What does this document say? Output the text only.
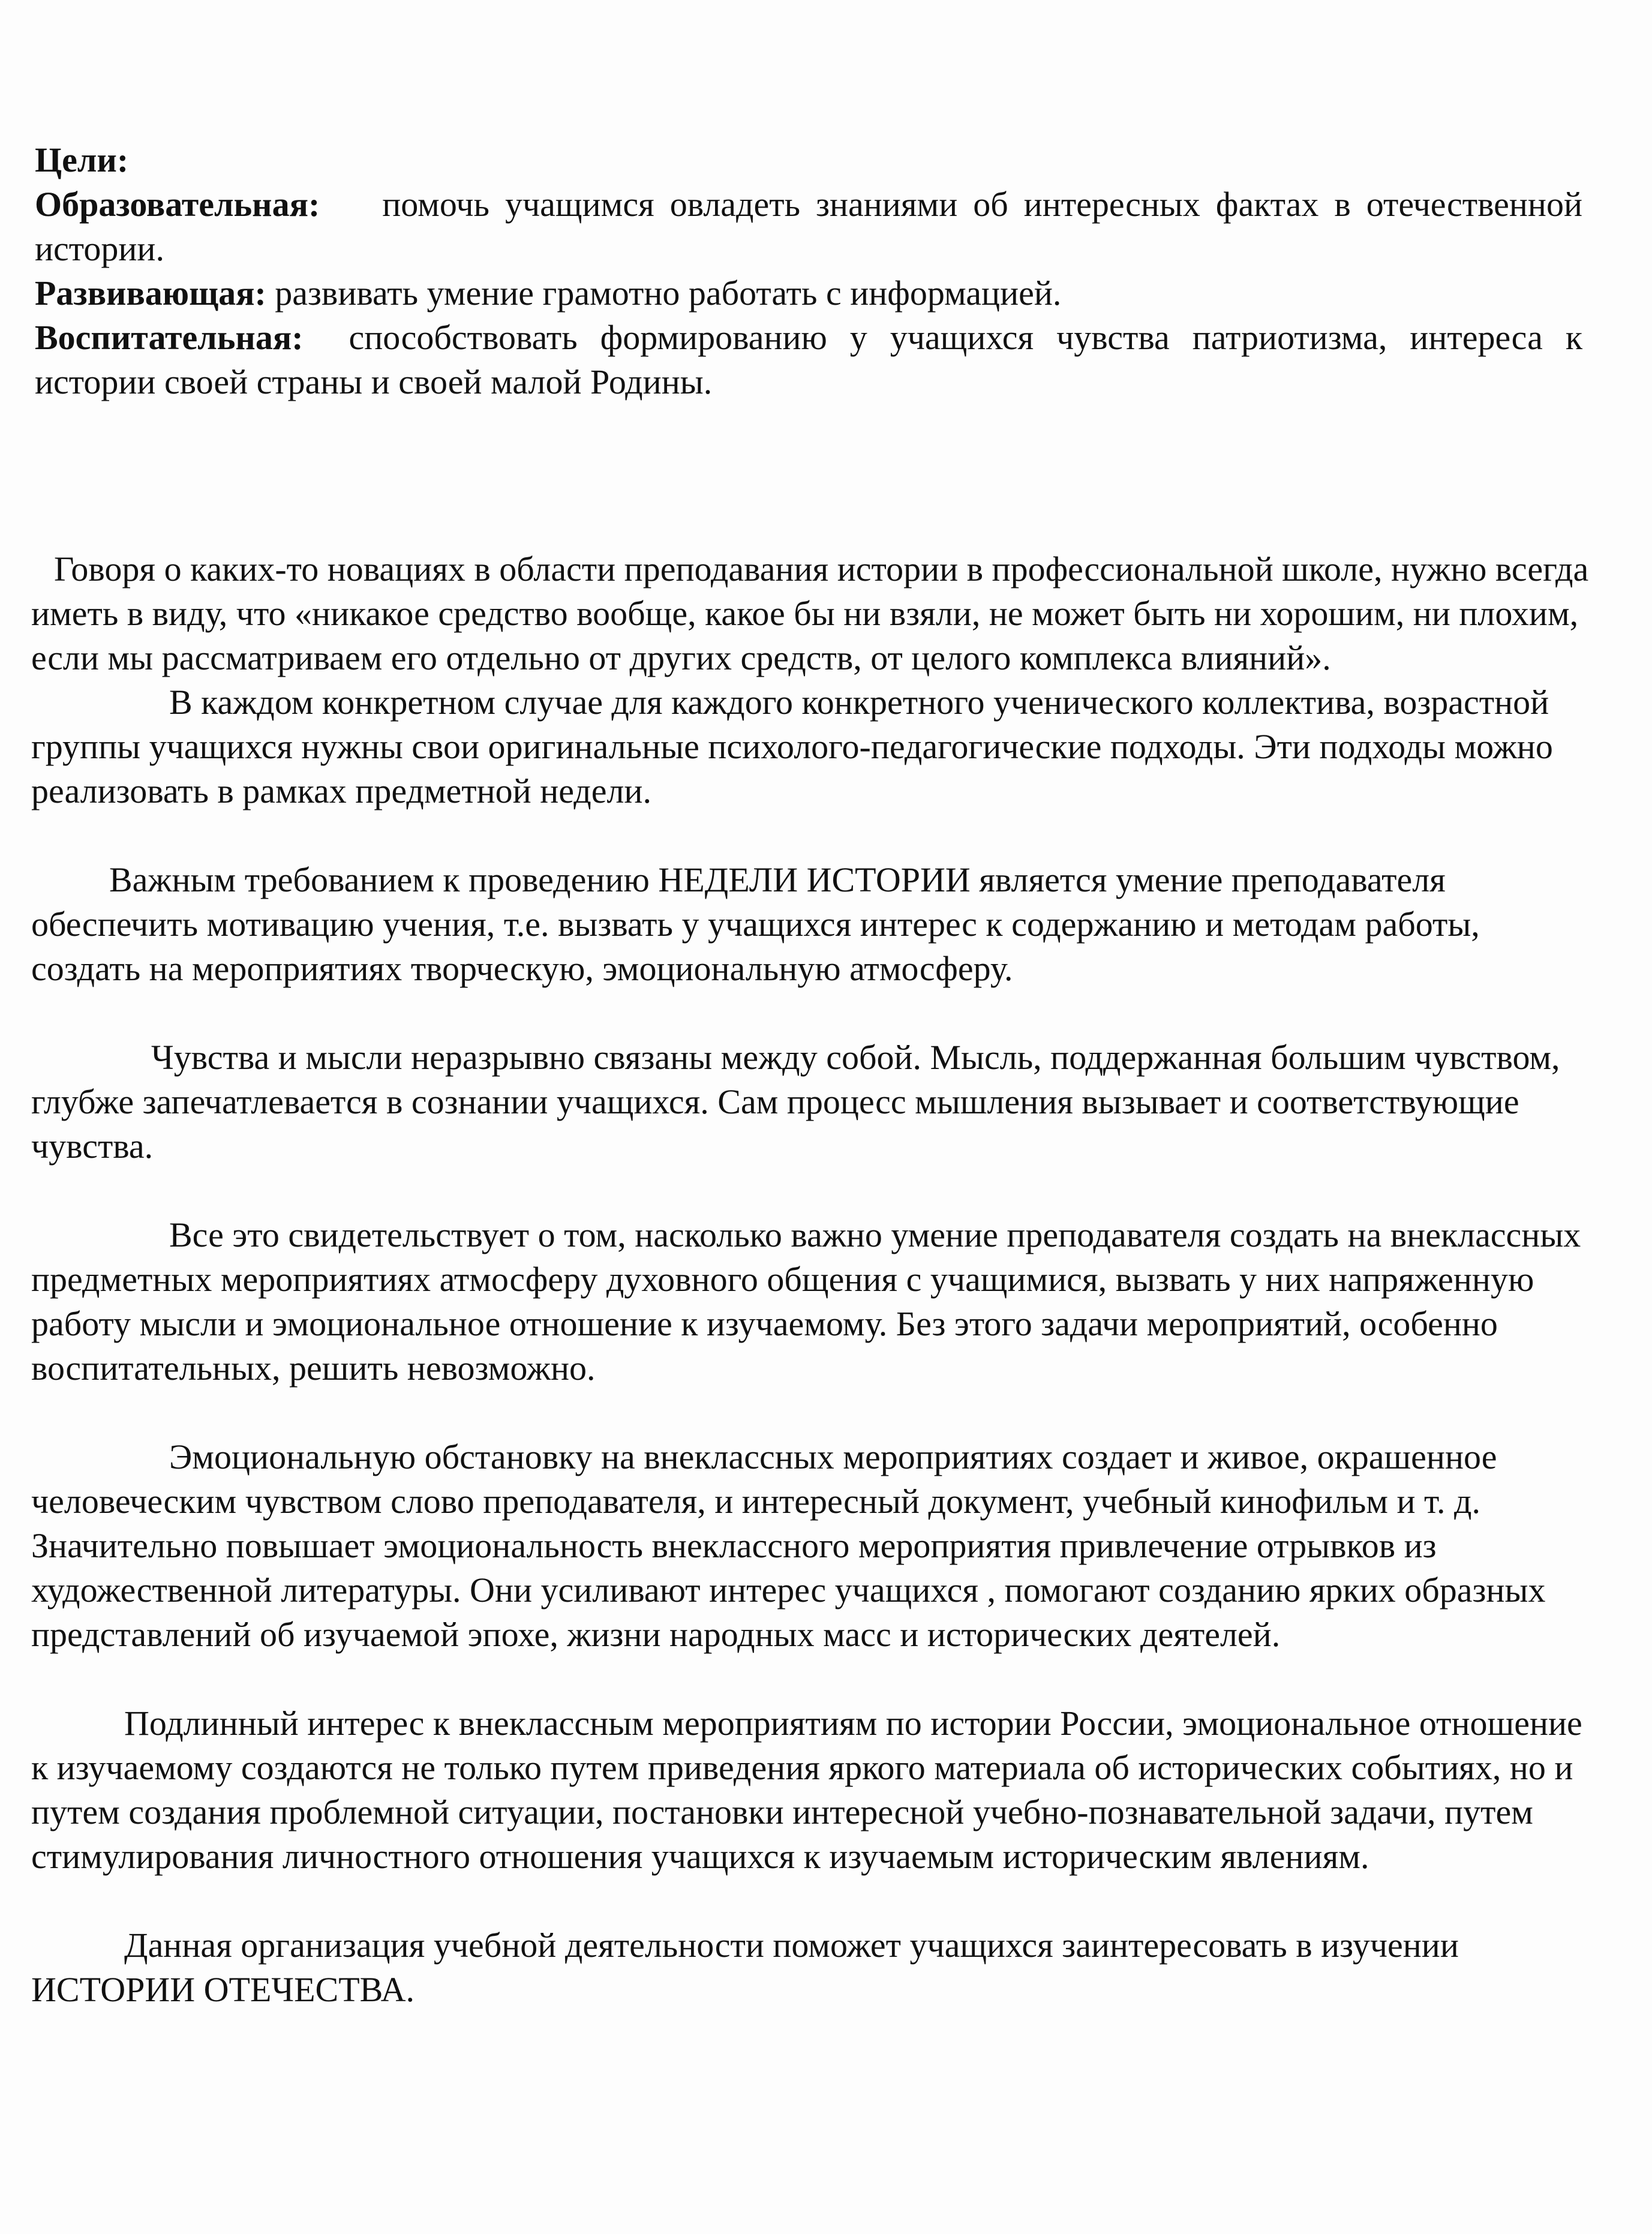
Цели:

Образовательная: помочь учащимся овладеть знаниями об интересных фактах в отечественной истории.

Развивающая: развивать умение грамотно работать с информацией.

Воспитательная: способствовать формированию у учащихся чувства патриотизма, интереса к истории своей страны и своей малой Родины.

Говоря о каких-то новациях в области преподавания истории в профессиональной школе, нужно всегда иметь в виду, что «никакое средство вообще, какое бы ни взяли, не может быть ни хорошим, ни плохим, если мы рассматриваем его отдельно от других средств, от целого комплекса влияний».

В каждом конкретном случае для каждого конкретного ученического коллектива, возрастной группы учащихся нужны свои оригинальные психолого-педагогические подходы. Эти подходы можно реализовать в рамках предметной недели.

Важным требованием к проведению НЕДЕЛИ ИСТОРИИ является умение преподавателя обеспечить мотивацию учения, т.е. вызвать у учащихся интерес к содержанию и методам работы, создать на мероприятиях творческую, эмоциональную атмосферу.

Чувства и мысли неразрывно связаны между собой. Мысль, поддержанная большим чувством, глубже запечатлевается в сознании учащихся. Сам процесс мышления вызывает и соответствующие чувства.

Все это свидетельствует о том, насколько важно умение преподавателя создать на внеклассных предметных мероприятиях атмосферу духовного общения с учащимися, вызвать у них напряженную работу мысли и эмоциональное отношение к изучаемому. Без этого задачи мероприятий, особенно воспитательных, решить невозможно.

Эмоциональную обстановку на внеклассных мероприятиях создает и живое, окрашенное человеческим чувством слово преподавателя, и интересный документ, учебный кинофильм и т. д. Значительно повышает эмоциональность внеклассного мероприятия привлечение отрывков из художественной литературы. Они усиливают интерес учащихся , помогают созданию ярких образных представлений об изучаемой эпохе, жизни народных масс и исторических деятелей.

Подлинный интерес к внеклассным мероприятиям по истории России, эмоциональное отношение к изучаемому создаются не только путем приведения яркого материала об исторических событиях, но и путем создания проблемной ситуации, постановки интересной учебно-познавательной задачи, путем стимулирования личностного отношения учащихся к изучаемым историческим явлениям.

Данная организация учебной деятельности поможет учащихся заинтересовать в изучении ИСТОРИИ ОТЕЧЕСТВА.
